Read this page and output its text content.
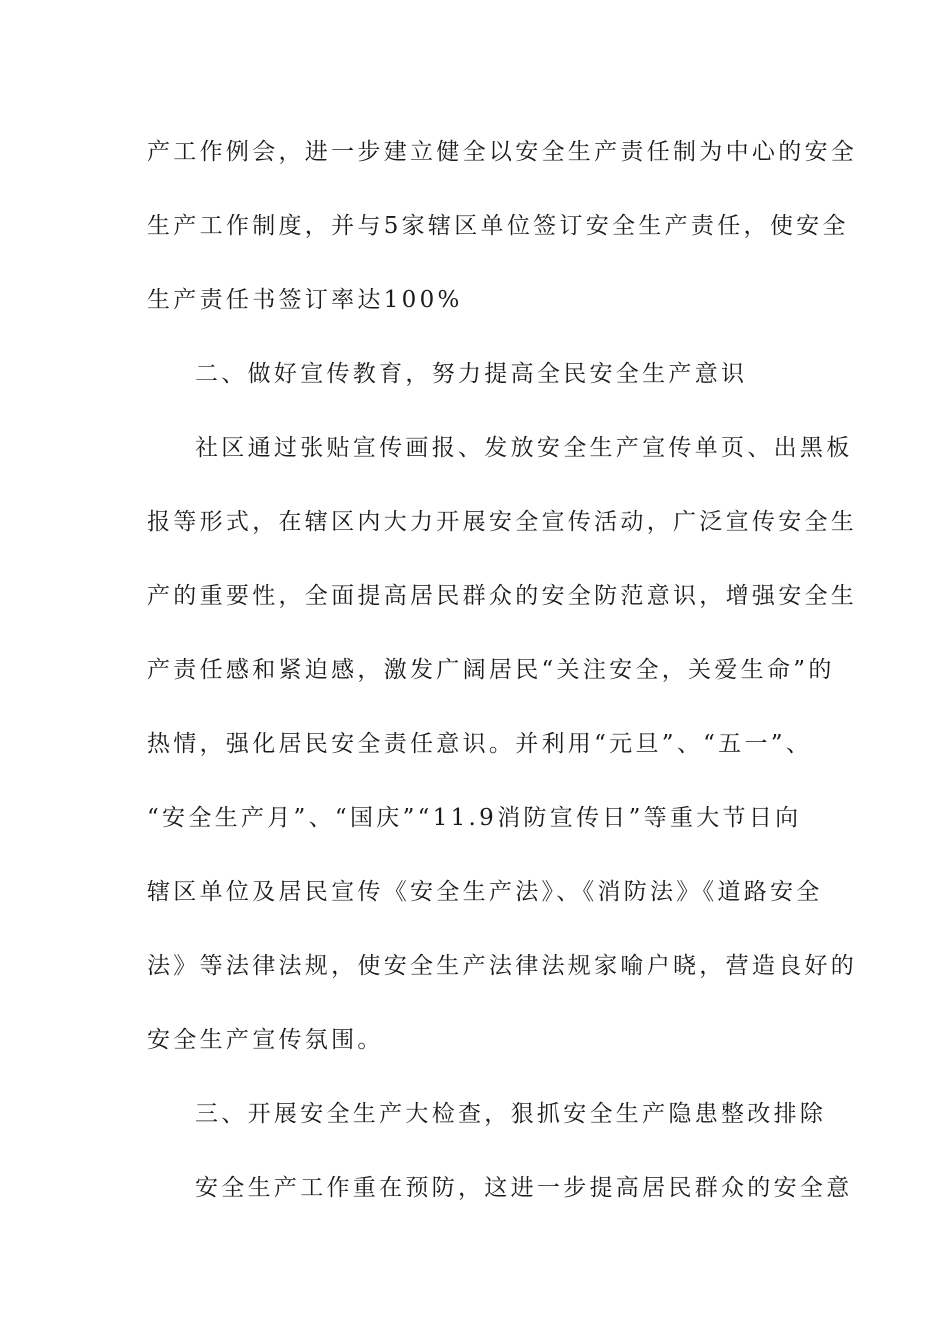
产工作例会，进一步建立健全以安全生产责任制为中心的安全
生产工作制度，并与5家辖区单位签订安全生产责任，使安全
生产责任书签订率达100%
二、做好宣传教育，努力提高全民安全生产意识
社区通过张贴宣传画报、发放安全生产宣传单页、出黑板
报等形式，在辖区内大力开展安全宣传活动，广泛宣传安全生
产的重要性，全面提高居民群众的安全防范意识，增强安全生
产责任感和紧迫感，激发广阔居民“关注安全，关爱生命”的
热情，强化居民安全责任意识。并利用“元旦”、“五一”、
“安全生产月”、“国庆”“11.9消防宣传日”等重大节日向
辖区单位及居民宣传《安全生产法》、《消防法》《道路安全
法》等法律法规，使安全生产法律法规家喻户晓，营造良好的
安全生产宣传氛围。
三、开展安全生产大检查，狠抓安全生产隐患整改排除
安全生产工作重在预防，这进一步提高居民群众的安全意
